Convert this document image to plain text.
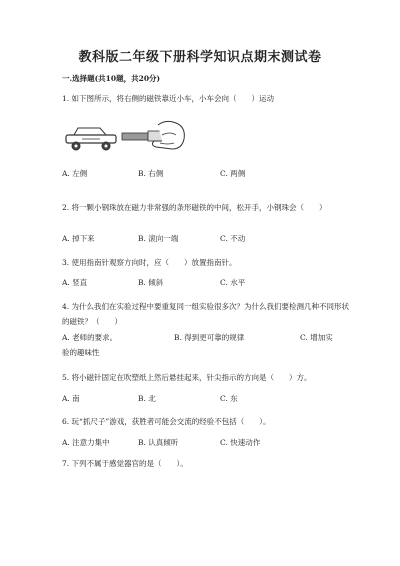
教科版二年级下册科学知识点期末测试卷
一.选择题(共10题，共20分)
1. 如下图所示，将右侧的磁铁靠近小车，小车会向（　　）运动
A. 左侧	B. 右侧	C. 两侧
2. 将一颗小钢珠放在磁力非常强的条形磁铁的中间，松开手，小钢珠会（　　）
A. 掉下来	B. 滚向一端	C. 不动
3. 使用指南针观察方向时，应（　　）放置指南针。
A. 竖直	B. 倾斜	C. 水平
4. 为什么我们在实验过程中要重复同一组实验很多次？为什么我们要检测几种不同形状的磁铁？（　　）
A. 老师的要求。	B. 得到更可靠的规律	C. 增加实
验的趣味性
5. 将小磁针固定在吹塑纸上然后悬挂起来，针尖指示的方向是（　　）方。
A. 南	B. 北	C. 东
6. 玩“抓尺子”游戏，获胜者可能会交流的经验不包括（　　）。
A. 注意力集中	B. 认真倾听	C. 快速动作
7. 下列不属于感觉器官的是（　　）。
